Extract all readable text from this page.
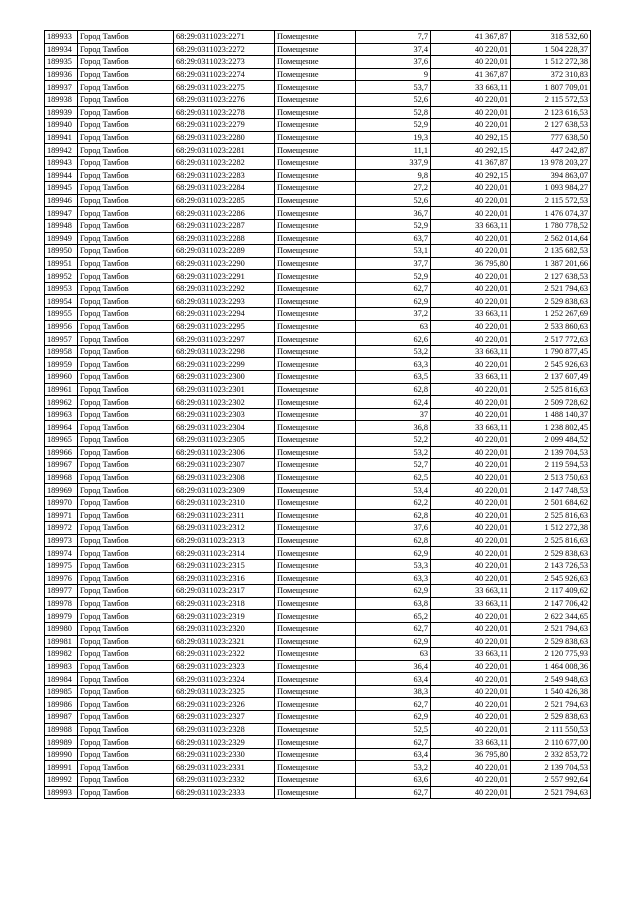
189933	Город Тамбов	68:29:0311023:2271	Помещение	7,7	41 367,87	318 532,60
189934	Город Тамбов	68:29:0311023:2272	Помещение	37,4	40 220,01	1 504 228,37
189935	Город Тамбов	68:29:0311023:2273	Помещение	37,6	40 220,01	1 512 272,38
189936	Город Тамбов	68:29:0311023:2274	Помещение	9	41 367,87	372 310,83
189937	Город Тамбов	68:29:0311023:2275	Помещение	53,7	33 663,11	1 807 709,01
189938	Город Тамбов	68:29:0311023:2276	Помещение	52,6	40 220,01	2 115 572,53
189939	Город Тамбов	68:29:0311023:2278	Помещение	52,8	40 220,01	2 123 616,53
189940	Город Тамбов	68:29:0311023:2279	Помещение	52,9	40 220,01	2 127 638,53
189941	Город Тамбов	68:29:0311023:2280	Помещение	19,3	40 292,15	777 638,50
189942	Город Тамбов	68:29:0311023:2281	Помещение	11,1	40 292,15	447 242,87
189943	Город Тамбов	68:29:0311023:2282	Помещение	337,9	41 367,87	13 978 203,27
189944	Город Тамбов	68:29:0311023:2283	Помещение	9,8	40 292,15	394 863,07
189945	Город Тамбов	68:29:0311023:2284	Помещение	27,2	40 220,01	1 093 984,27
189946	Город Тамбов	68:29:0311023:2285	Помещение	52,6	40 220,01	2 115 572,53
189947	Город Тамбов	68:29:0311023:2286	Помещение	36,7	40 220,01	1 476 074,37
189948	Город Тамбов	68:29:0311023:2287	Помещение	52,9	33 663,11	1 780 778,52
189949	Город Тамбов	68:29:0311023:2288	Помещение	63,7	40 220,01	2 562 014,64
189950	Город Тамбов	68:29:0311023:2289	Помещение	53,1	40 220,01	2 135 682,53
189951	Город Тамбов	68:29:0311023:2290	Помещение	37,7	36 795,80	1 387 201,66
189952	Город Тамбов	68:29:0311023:2291	Помещение	52,9	40 220,01	2 127 638,53
189953	Город Тамбов	68:29:0311023:2292	Помещение	62,7	40 220,01	2 521 794,63
189954	Город Тамбов	68:29:0311023:2293	Помещение	62,9	40 220,01	2 529 838,63
189955	Город Тамбов	68:29:0311023:2294	Помещение	37,2	33 663,11	1 252 267,69
189956	Город Тамбов	68:29:0311023:2295	Помещение	63	40 220,01	2 533 860,63
189957	Город Тамбов	68:29:0311023:2297	Помещение	62,6	40 220,01	2 517 772,63
189958	Город Тамбов	68:29:0311023:2298	Помещение	53,2	33 663,11	1 790 877,45
189959	Город Тамбов	68:29:0311023:2299	Помещение	63,3	40 220,01	2 545 926,63
189960	Город Тамбов	68:29:0311023:2300	Помещение	63,5	33 663,11	2 137 607,49
189961	Город Тамбов	68:29:0311023:2301	Помещение	62,8	40 220,01	2 525 816,63
189962	Город Тамбов	68:29:0311023:2302	Помещение	62,4	40 220,01	2 509 728,62
189963	Город Тамбов	68:29:0311023:2303	Помещение	37	40 220,01	1 488 140,37
189964	Город Тамбов	68:29:0311023:2304	Помещение	36,8	33 663,11	1 238 802,45
189965	Город Тамбов	68:29:0311023:2305	Помещение	52,2	40 220,01	2 099 484,52
189966	Город Тамбов	68:29:0311023:2306	Помещение	53,2	40 220,01	2 139 704,53
189967	Город Тамбов	68:29:0311023:2307	Помещение	52,7	40 220,01	2 119 594,53
189968	Город Тамбов	68:29:0311023:2308	Помещение	62,5	40 220,01	2 513 750,63
189969	Город Тамбов	68:29:0311023:2309	Помещение	53,4	40 220,01	2 147 748,53
189970	Город Тамбов	68:29:0311023:2310	Помещение	62,2	40 220,01	2 501 684,62
189971	Город Тамбов	68:29:0311023:2311	Помещение	62,8	40 220,01	2 525 816,63
189972	Город Тамбов	68:29:0311023:2312	Помещение	37,6	40 220,01	1 512 272,38
189973	Город Тамбов	68:29:0311023:2313	Помещение	62,8	40 220,01	2 525 816,63
189974	Город Тамбов	68:29:0311023:2314	Помещение	62,9	40 220,01	2 529 838,63
189975	Город Тамбов	68:29:0311023:2315	Помещение	53,3	40 220,01	2 143 726,53
189976	Город Тамбов	68:29:0311023:2316	Помещение	63,3	40 220,01	2 545 926,63
189977	Город Тамбов	68:29:0311023:2317	Помещение	62,9	33 663,11	2 117 409,62
189978	Город Тамбов	68:29:0311023:2318	Помещение	63,8	33 663,11	2 147 706,42
189979	Город Тамбов	68:29:0311023:2319	Помещение	65,2	40 220,01	2 622 344,65
189980	Город Тамбов	68:29:0311023:2320	Помещение	62,7	40 220,01	2 521 794,63
189981	Город Тамбов	68:29:0311023:2321	Помещение	62,9	40 220,01	2 529 838,63
189982	Город Тамбов	68:29:0311023:2322	Помещение	63	33 663,11	2 120 775,93
189983	Город Тамбов	68:29:0311023:2323	Помещение	36,4	40 220,01	1 464 008,36
189984	Город Тамбов	68:29:0311023:2324	Помещение	63,4	40 220,01	2 549 948,63
189985	Город Тамбов	68:29:0311023:2325	Помещение	38,3	40 220,01	1 540 426,38
189986	Город Тамбов	68:29:0311023:2326	Помещение	62,7	40 220,01	2 521 794,63
189987	Город Тамбов	68:29:0311023:2327	Помещение	62,9	40 220,01	2 529 838,63
189988	Город Тамбов	68:29:0311023:2328	Помещение	52,5	40 220,01	2 111 550,53
189989	Город Тамбов	68:29:0311023:2329	Помещение	62,7	33 663,11	2 110 677,00
189990	Город Тамбов	68:29:0311023:2330	Помещение	63,4	36 795,80	2 332 853,72
189991	Город Тамбов	68:29:0311023:2331	Помещение	53,2	40 220,01	2 139 704,53
189992	Город Тамбов	68:29:0311023:2332	Помещение	63,6	40 220,01	2 557 992,64
189993	Город Тамбов	68:29:0311023:2333	Помещение	62,7	40 220,01	2 521 794,63
